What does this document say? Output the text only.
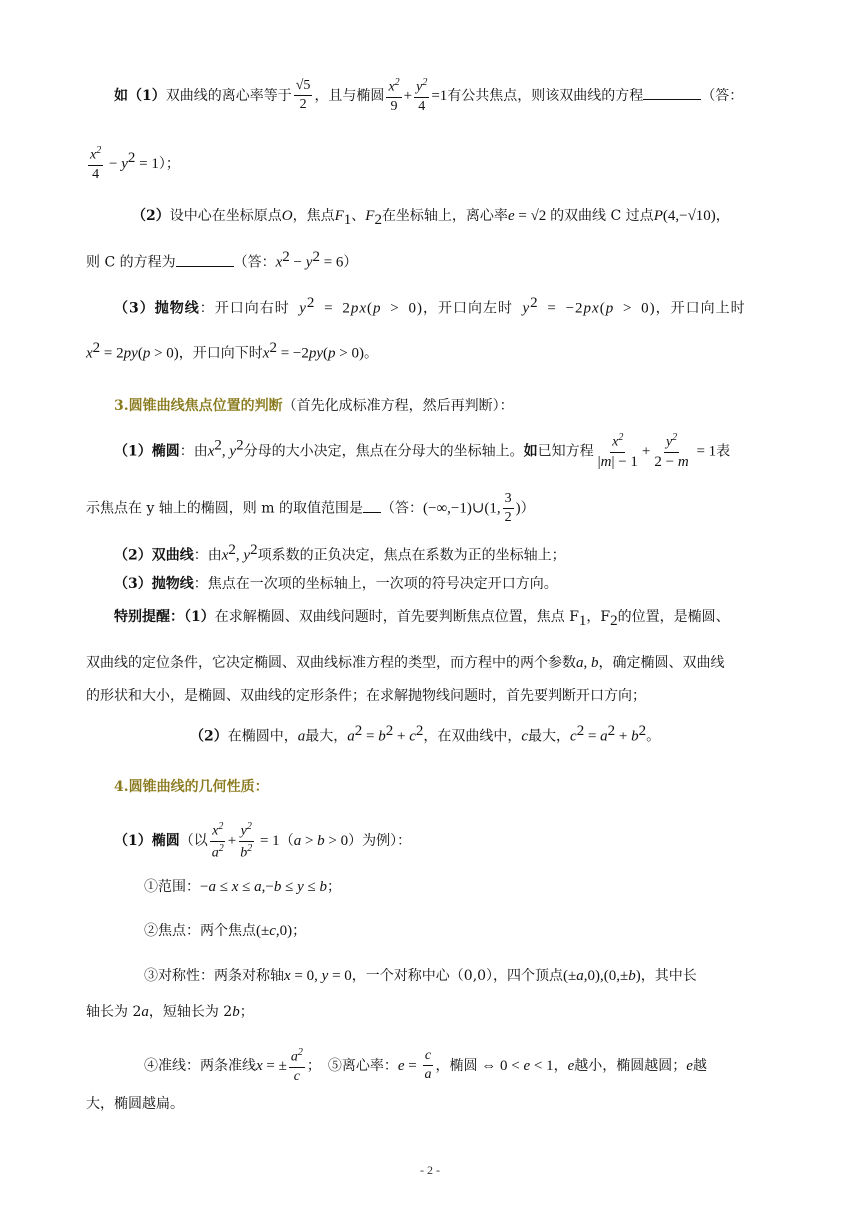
如（1）双曲线的离心率等于 $\frac{√5}{2}$ ，且与椭圆 $\frac{x^2}{9} + \frac{y^2}{4} =1$有公共焦点，则该双曲线的方程	（答：
$\frac{x^2}{4} - y^2 = 1$）；
（2）设中心在坐标原点O，焦点$F_1$、$F_2$在坐标轴上，离心率e = √2 的双曲线 C 过点P(4,−√10)，
则 C 的方程为	（答：$x^2 - y^2 = 6$）
（3）抛物线：开口向右时 $y^2 = 2px(p > 0)$，开口向左时 $y^2 = -2px(p > 0)$，开口向上时
$x^2 = 2py(p > 0)$，开口向下时$x^2 = -2py(p > 0)$。
3.圆锥曲线焦点位置的判断（首先化成标准方程，然后再判断）：
（1）椭圆：由$x^2$, $y^2$分母的大小决定，焦点在分母大的坐标轴上。如已知方程 $\frac{x^2}{|m| - 1} + \frac{y^2}{2 - m} = 1$表
示焦点在 y 轴上的椭圆，则 m 的取值范围是 （答：(−∞,−1)∪(1, $\frac{3}{2}$ )）
（2）双曲线：由$x^2$, $y^2$项系数的正负决定，焦点在系数为正的坐标轴上；
（3）抛物线：焦点在一次项的坐标轴上，一次项的符号决定开口方向。
特别提醒：（1）在求解椭圆、双曲线问题时，首先要判断焦点位置，焦点 $F_1$，$F_2$的位置，是椭圆、
双曲线的定位条件，它决定椭圆、双曲线标准方程的类型，而方程中的两个参数a, b，确定椭圆、双曲线
的形状和大小，是椭圆、双曲线的定形条件；在求解抛物线问题时，首先要判断开口方向；
（2）在椭圆中，a最大，$a^2 = b^2 + c^2$，在双曲线中，c最大，$c^2 = a^2 + b^2$。
4.圆锥曲线的几何性质：
（1）椭圆（以 $\frac{x^2}{a^2} + \frac{y^2}{b^2} = 1(a > b > 0)$为例）：
①范围：−a ≤ x ≤ a,−b ≤ y ≤ b；
②焦点：两个焦点(±c,0)；
③对称性：两条对称轴x = 0, y = 0，一个对称中心（0,0），四个顶点(±a,0),(0,±b)，其中长
轴长为 2a，短轴长为 2b；
④准线：两条准线x = ± $\frac{a^2}{c}$ ；　⑤离心率：$e = \frac{c}{a}$ ，椭圆 ⇔ 0 < e < 1，e越小，椭圆越圆；e越
大，椭圆越扁。
- 2 -
